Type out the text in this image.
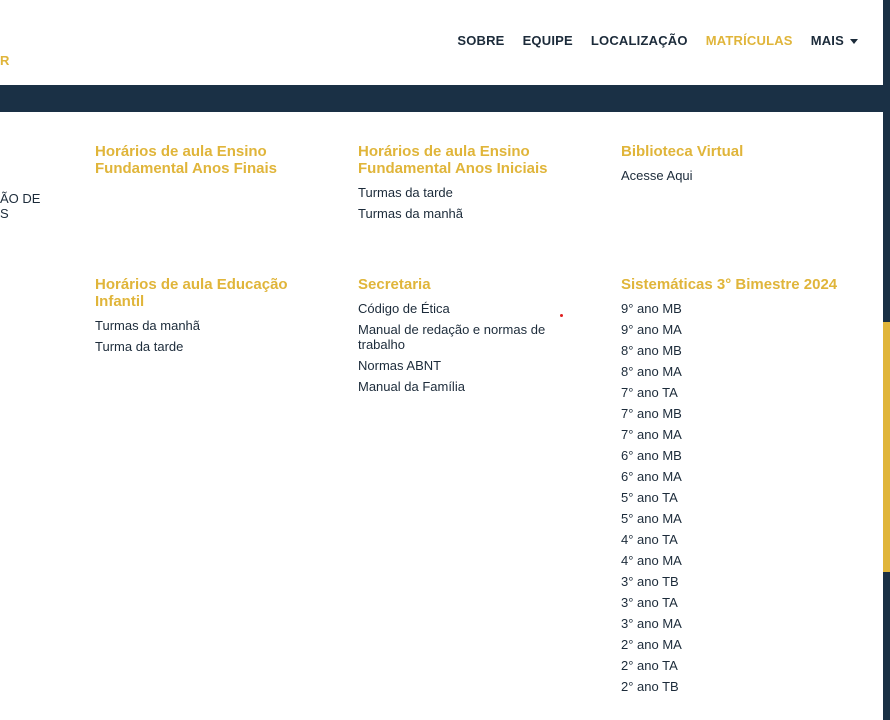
R
SOBRE EQUIPE LOCALIZAÇÃO MATRÍCULAS MAIS
ÃO DE
S
Horários de aula Ensino Fundamental Anos Finais
Horários de aula Ensino Fundamental Anos Iniciais
Turmas da tarde
Turmas da manhã
Biblioteca Virtual
Acesse Aqui
Horários de aula Educação Infantil
Turmas da manhã
Turma da tarde
Secretaria
Código de Ética
Manual de redação e normas de trabalho
Normas ABNT
Manual da Família
Sistemáticas 3° Bimestre 2024
9° ano MB
9° ano MA
8° ano MB
8° ano MA
7° ano TA
7° ano MB
7° ano MA
6° ano MB
6° ano MA
5° ano TA
5° ano MA
4° ano TA
4° ano MA
3° ano TB
3° ano TA
3° ano MA
2° ano MA
2° ano TA
2° ano TB
